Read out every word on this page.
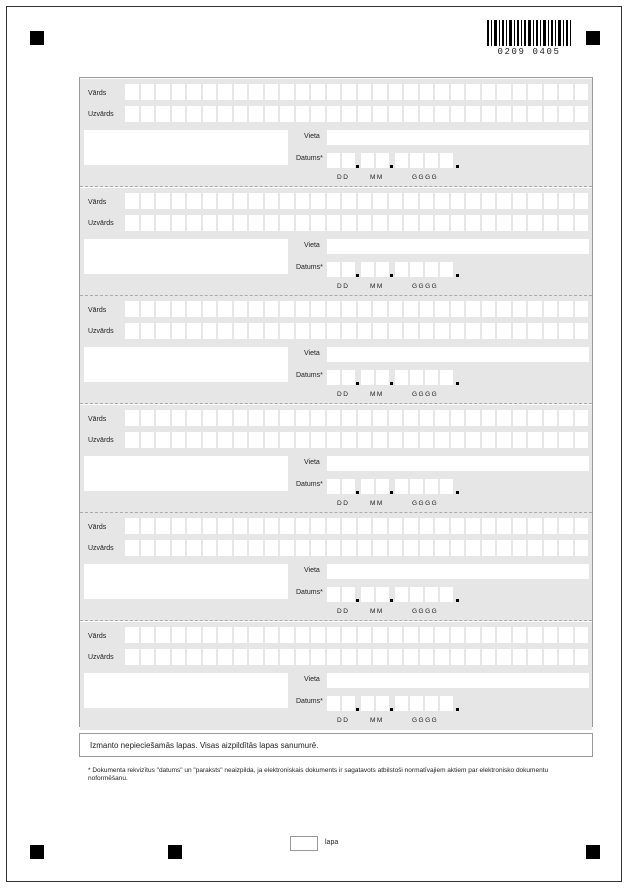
0209 0405
Vārds
Uzvārds
Vieta
Datums*
DD	MM	GGGG
Vārds
Uzvārds
Vieta
Datums*
DD	MM	GGGG
Vārds
Uzvārds
Vieta
Datums*
DD	MM	GGGG
Vārds
Uzvārds
Vieta
Datums*
DD	MM	GGGG
Vārds
Uzvārds
Vieta
Datums*
DD	MM	GGGG
Vārds
Uzvārds
Vieta
Datums*
DD	MM	GGGG
Izmanto nepieciešamās lapas. Visas aizpildītās lapas sanumurē.
* Dokumenta rekvizītus "datums" un "paraksts" neaizpilda, ja elektroniskais dokuments ir sagatavots atbilstoši normatīvajiem aktiem par elektronisko dokumentu noformēšanu.
lapa
